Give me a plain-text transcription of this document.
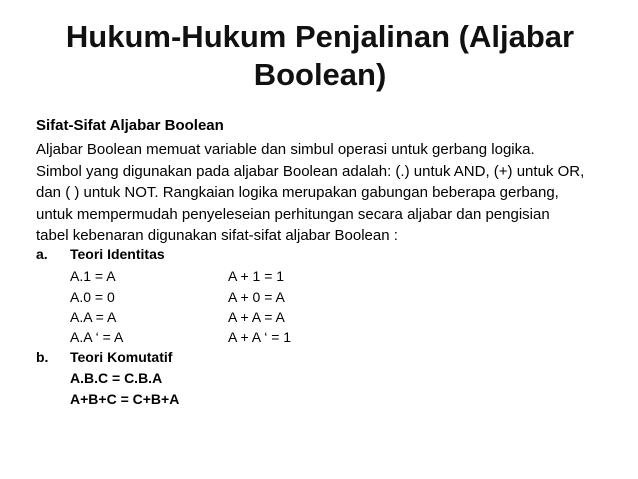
Hukum-Hukum Penjalinan (Aljabar
Boolean)
Sifat-Sifat Aljabar Boolean
Aljabar Boolean memuat variable dan simbul operasi untuk gerbang logika.
Simbol yang digunakan pada aljabar Boolean adalah: (.) untuk AND, (+) untuk OR,
dan ( ) untuk NOT. Rangkaian logika merupakan gabungan beberapa gerbang,
untuk mempermudah penyeleseian perhitungan secara aljabar dan pengisian
tabel kebenaran digunakan sifat-sifat aljabar Boolean :
a. Teori Identitas
A.1 = A	A + 1 = 1
A.0 = 0	A + 0 = A
A.A = A	A + A = A
A.A ‘ = A	A + A ‘ = 1
b. Teori Komutatif
A.B.C = C.B.A
A+B+C = C+B+A
